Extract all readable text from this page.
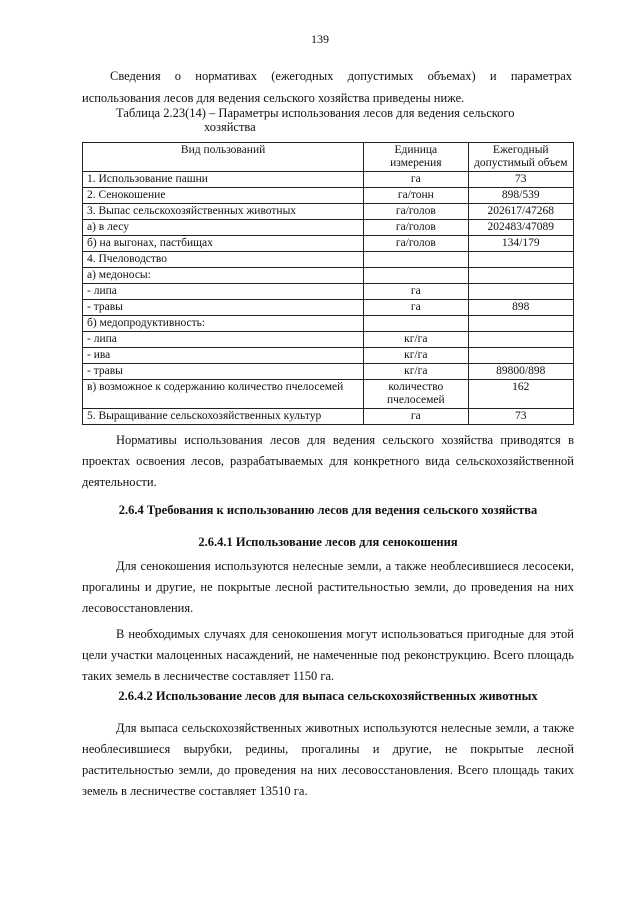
139

Сведения о нормативах (ежегодных допустимых объемах) и параметрах использования лесов для ведения сельского хозяйства приведены ниже.

Таблица 2.23(14) – Параметры использования лесов для ведения сельского
хозяйства
Вид пользований	Единица измерения	Ежегодный допустимый объем
1. Использование пашни	га	73
2. Сенокошение	га/тонн	898/539
3. Выпас сельскохозяйственных животных	га/голов	202617/47268
а) в лесу	га/голов	202483/47089
б) на выгонах, пастбищах	га/голов	134/179
4. Пчеловодство		
а) медоносы:		
- липа	га	
- травы	га	898
б) медопродуктивность:		
- липа	кг/га	
- ива	кг/га	
- травы	кг/га	89800/898
в) возможное к содержанию количество пчелосемей	количество пчелосемей	162
5. Выращивание сельскохозяйственных культур	га	73

Нормативы использования лесов для ведения сельского хозяйства приводятся в проектах освоения лесов, разрабатываемых для конкретного вида сельскохозяйственной деятельности.

2.6.4 Требования к использованию лесов для ведения сельского хозяйства

2.6.4.1 Использование лесов для сенокошения

Для сенокошения используются нелесные земли, а также необлесившиеся лесосеки, прогалины и другие, не покрытые лесной растительностью земли, до проведения на них лесовосстановления.

В необходимых случаях для сенокошения могут использоваться пригодные для этой цели участки малоценных насаждений, не намеченные под реконструкцию. Всего площадь таких земель в лесничестве составляет 1150 га.

2.6.4.2 Использование лесов для выпаса сельскохозяйственных животных

Для выпаса сельскохозяйственных животных используются нелесные земли, а также необлесившиеся вырубки, редины, прогалины и другие, не покрытые лесной растительностью земли, до проведения на них лесовосстановления. Всего площадь таких земель в лесничестве составляет 13510 га.
